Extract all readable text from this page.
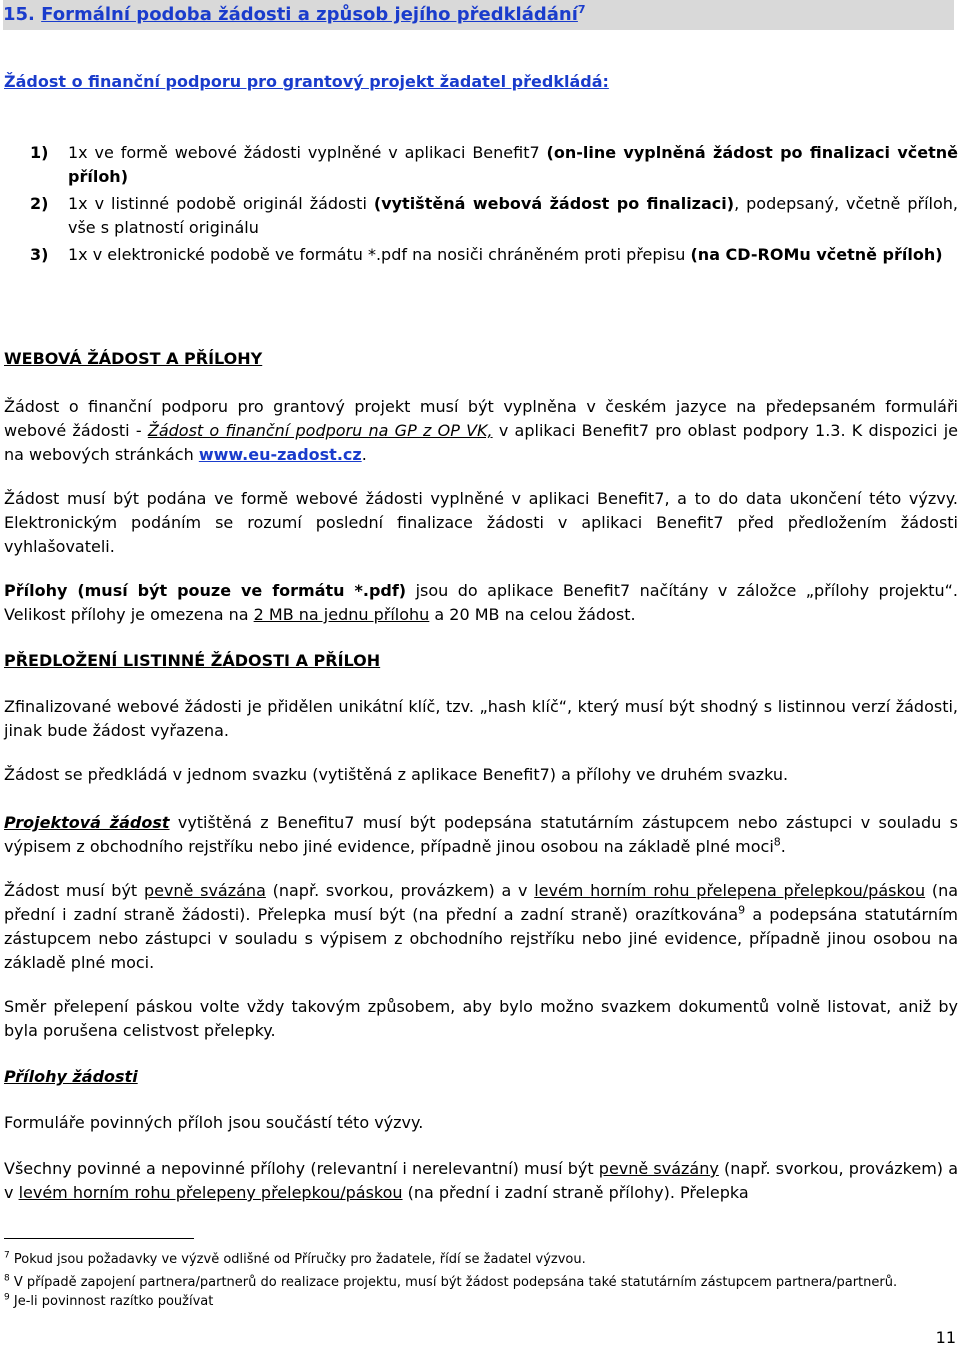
15. Formální podoba žádosti a způsob jejího předkládání$^7$
Žádost o finanční podporu pro grantový projekt žadatel předkládá:
1) 1x ve formě webové žádosti vyplněné v aplikaci Benefit7 (on-line vyplněná žádost po finalizaci včetně příloh)
2) 1x v listinné podobě originál žádosti (vytištěná webová žádost po finalizaci), podepsaný, včetně příloh, vše s platností originálu
3) 1x v elektronické podobě ve formátu *.pdf na nosiči chráněném proti přepisu (na CD-ROMu včetně příloh)
WEBOVÁ ŽÁDOST A PŘÍLOHY
Žádost o finanční podporu pro grantový projekt musí být vyplněna v českém jazyce na předepsaném formuláři webové žádosti - Žádost o finanční podporu na GP z OP VK, v aplikaci Benefit7 pro oblast podpory 1.3. K dispozici je na webových stránkách www.eu-zadost.cz.
Žádost musí být podána ve formě webové žádosti vyplněné v aplikaci Benefit7, a to do data ukončení této výzvy. Elektronickým podáním se rozumí poslední finalizace žádosti v aplikaci Benefit7 před předložením žádosti vyhlašovateli.
Přílohy (musí být pouze ve formátu *.pdf) jsou do aplikace Benefit7 načítány v záložce „přílohy projektu“. Velikost přílohy je omezena na 2 MB na jednu přílohu a 20 MB na celou žádost.
PŘEDLOŽENÍ LISTINNÉ ŽÁDOSTI A PŘÍLOH
Zfinalizované webové žádosti je přidělen unikátní klíč, tzv. „hash klíč“, který musí být shodný s listinnou verzí žádosti, jinak bude žádost vyřazena.
Žádost se předkládá v jednom svazku (vytištěná z aplikace Benefit7) a přílohy ve druhém svazku.
Projektová žádost vytištěná z Benefitu7 musí být podepsána statutárním zástupcem nebo zástupci v souladu s výpisem z obchodního rejstříku nebo jiné evidence, případně jinou osobou na základě plné moci$^8$.
Žádost musí být pevně svázána (např. svorkou, provázkem) a v levém horním rohu přelepena přelepkou/páskou (na přední i zadní straně žádosti). Přelepka musí být (na přední a zadní straně) orazítkována$^9$ a podepsána statutárním zástupcem nebo zástupci v souladu s výpisem z obchodního rejstříku nebo jiné evidence, případně jinou osobou na základě plné moci.
Směr přelepení páskou volte vždy takovým způsobem, aby bylo možno svazkem dokumentů volně listovat, aniž by byla porušena celistvost přelepky.
Přílohy žádosti
Formuláře povinných příloh jsou součástí této výzvy.
Všechny povinné a nepovinné přílohy (relevantní i nerelevantní) musí být pevně svázány (např. svorkou, provázkem) a v levém horním rohu přelepeny přelepkou/páskou (na přední i zadní straně přílohy). Přelepka
$^7$ Pokud jsou požadavky ve výzvě odlišné od Příručky pro žadatele, řídí se žadatel výzvou.
$^8$ V případě zapojení partnera/partnerů do realizace projektu, musí být žádost podepsána také statutárním zástupcem partnera/partnerů.
$^9$ Je-li povinnost razítko používat
11
